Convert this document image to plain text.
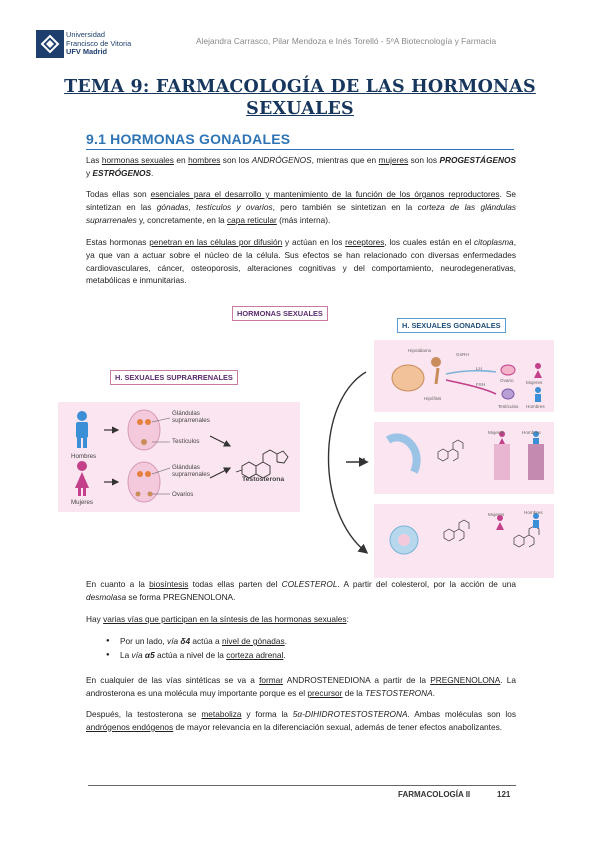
Universidad
Francisco de Vitoria
UFV Madrid
Alejandra Carrasco, Pilar Mendoza e Inés Torelló - 5ºA Biotecnología y Farmacia
TEMA 9: FARMACOLOGÍA DE LAS HORMONAS SEXUALES
9.1 HORMONAS GONADALES
Las hormonas sexuales en hombres son los ANDRÓGENOS, mientras que en mujeres son los PROGESTÁGENOS y ESTRÓGENOS.
Todas ellas son esenciales para el desarrollo y mantenimiento de la función de los órganos reproductores. Se sintetizan en las gónadas, testículos y ovarios, pero también se sintetizan en la corteza de las glándulas suprarrenales y, concretamente, en la capa reticular (más interna).
Estas hormonas penetran en las células por difusión y actúan en los receptores, los cuales están en el citoplasma, ya que van a actuar sobre el núcleo de la célula. Sus efectos se han relacionado con diversas enfermedades cardiovasculares, cáncer, osteoporosis, alteraciones cognitivas y del comportamiento, neurodegenerativas, metabólicas e inmunitarias.
HORMONAS SEXUALES
H. SEXUALES GONADALES
H. SEXUALES SUPRARRENALES
Hombres
Mujeres
Glándulas suprarrenales
Testículos
Glándulas suprarrenales
Ovarios
Testosterona
Hipotálamo
GnRH
LH
FSH
Hipófisis
Ovario	Mujeres
Testículos Hombres
Mujeres	Hombres
Mujeres	Hombres
En cuanto a la biosíntesis todas ellas parten del COLESTEROL. A partir del colesterol, por la acción de una desmolasa se forma PREGNENOLONA.
Hay varias vías que participan en la síntesis de las hormonas sexuales:
● Por un lado, vía δ4 actúa a nivel de gónadas.
● La vía α5 actúa a nivel de la corteza adrenal.
En cualquier de las vías sintéticas se va a formar ANDROSTENEDIONA a partir de la PREGNENOLONA. La androsterona es una molécula muy importante porque es el precursor de la TESTOSTERONA.
Después, la testosterona se metaboliza y forma la 5α-DIHIDROTESTOSTERONA. Ambas moléculas son los andrógenos endógenos de mayor relevancia en la diferenciación sexual, además de tener efectos anabolizantes.
FARMACOLOGÍA II	121
